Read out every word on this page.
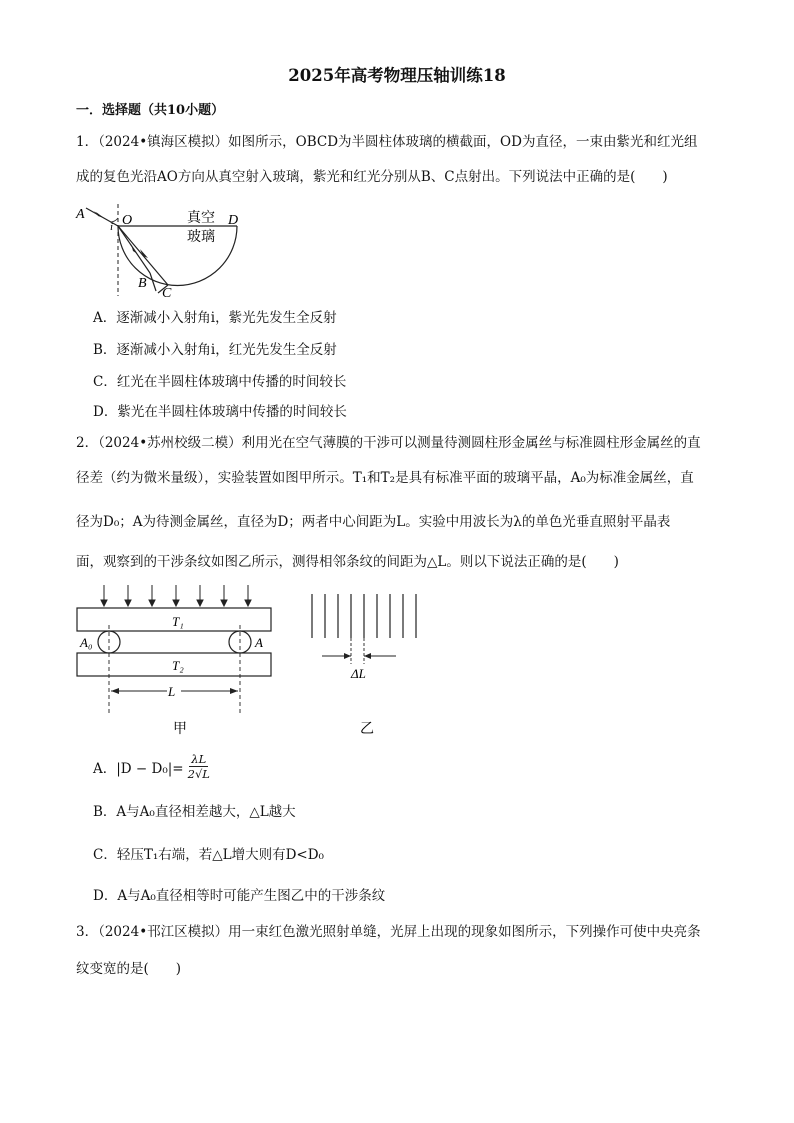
2025年高考物理压轴训练18
一．选择题（共10小题）
1．（2024•镇海区模拟）如图所示，OBCD为半圆柱体玻璃的横截面，OD为直径，一束由紫光和红光组
成的复色光沿AO方向从真空射入玻璃，紫光和红光分别从B、C点射出。下列说法中正确的是(　　)
A	O
i	D
B
C
真空
玻璃
A．逐渐减小入射角i，紫光先发生全反射
B．逐渐减小入射角i，红光先发生全反射
C．红光在半圆柱体玻璃中传播的时间较长
D．紫光在半圆柱体玻璃中传播的时间较长
2．（2024•苏州校级二模）利用光在空气薄膜的干涉可以测量待测圆柱形金属丝与标准圆柱形金属丝的直
径差（约为微米量级），实验装置如图甲所示。T₁和T₂是具有标准平面的玻璃平晶，A₀为标准金属丝，直
径为D₀；A为待测金属丝，直径为D；两者中心间距为L。实验中用波长为λ的单色光垂直照射平晶表
面，观察到的干涉条纹如图乙所示，测得相邻条纹的间距为△L。则以下说法正确的是(　　)
T₁
T₂
A₀	A
L
甲
ΔL
乙
A．$|D - D_0|= \frac{\lambda L}{2√L}$
B．A与A₀直径相差越大，△L越大
C．轻压T₁右端，若△L增大则有D<D₀
D．A与A₀直径相等时可能产生图乙中的干涉条纹
3．（2024•邗江区模拟）用一束红色激光照射单缝，光屏上出现的现象如图所示，下列操作可使中央亮条
纹变宽的是(　　)
